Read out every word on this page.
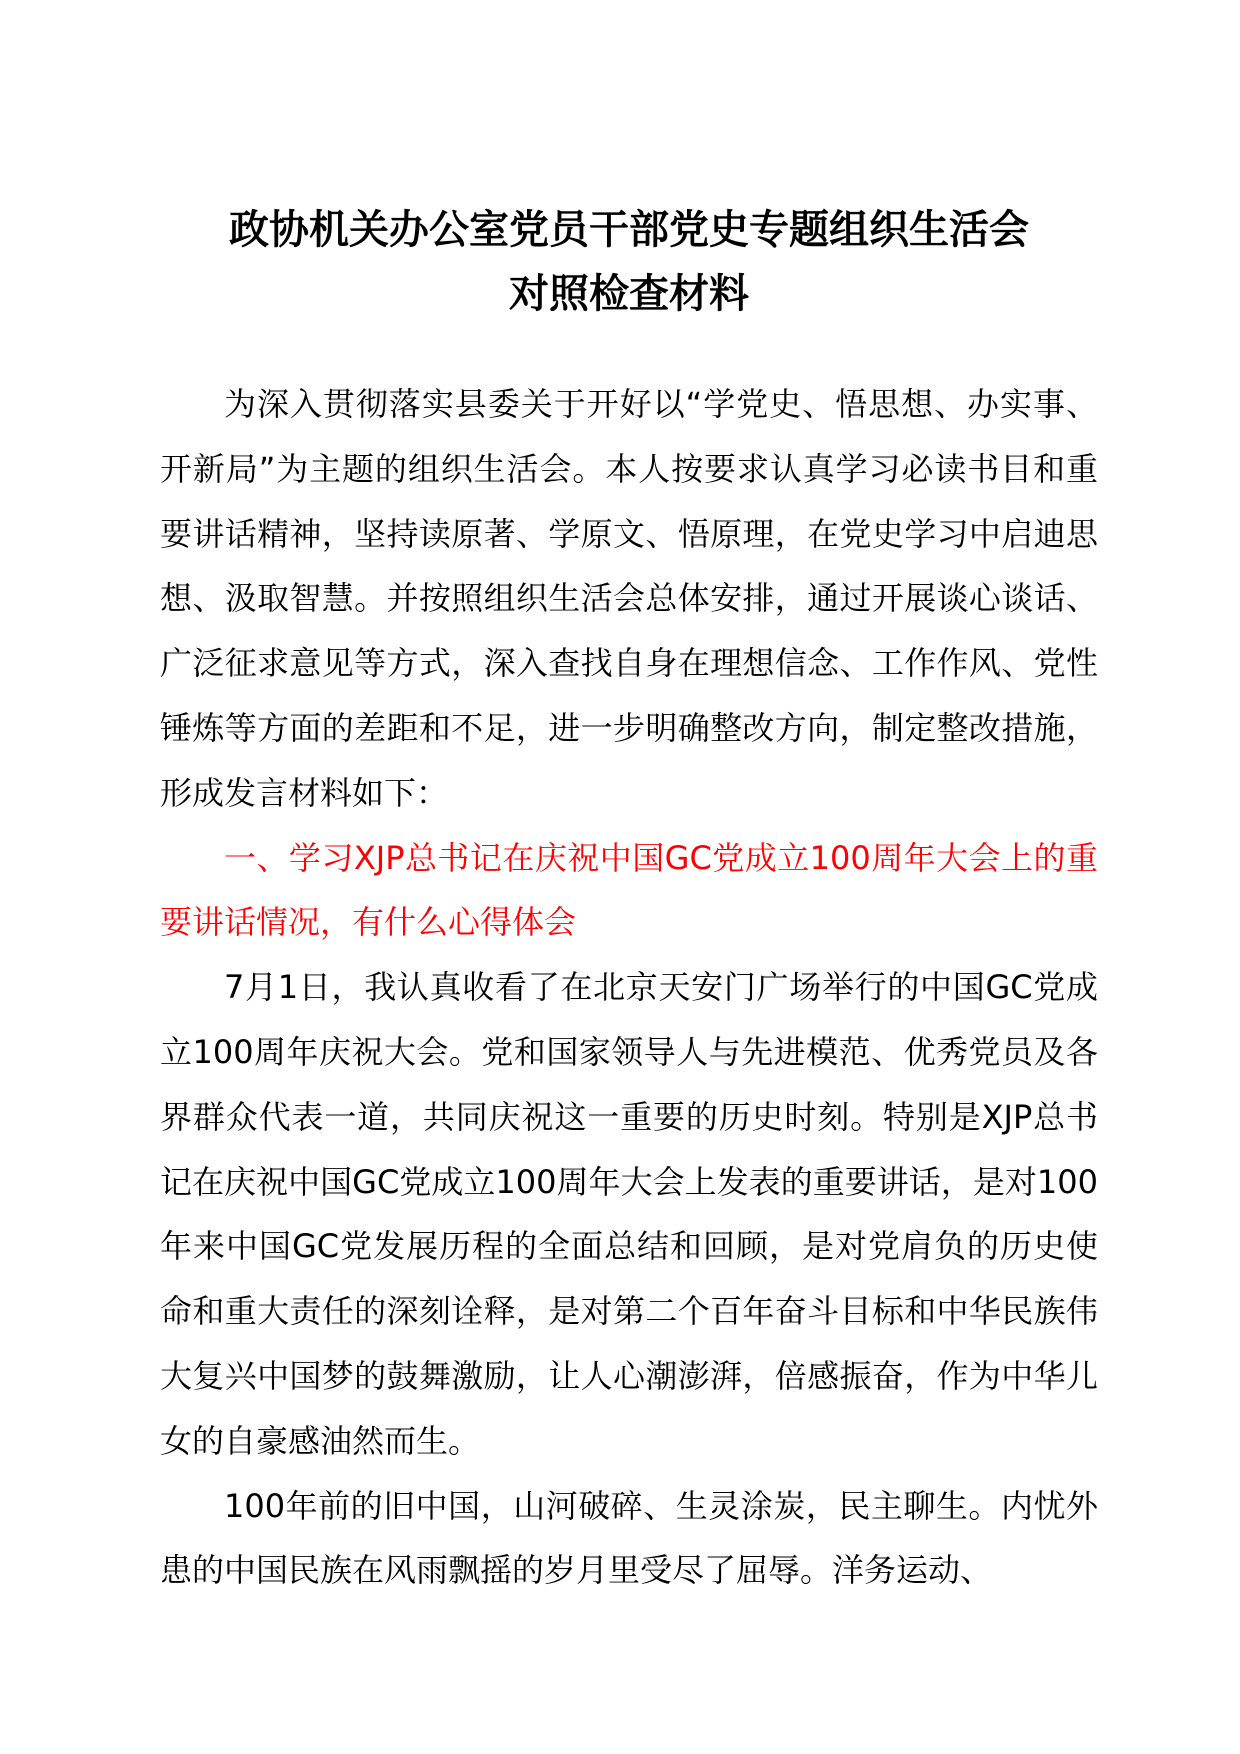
政协机关办公室党员干部党史专题组织生活会
对照检查材料

为深入贯彻落实县委关于开好以“学党史、悟思想、办实事、开新局”为主题的组织生活会。本人按要求认真学习必读书目和重要讲话精神，坚持读原著、学原文、悟原理，在党史学习中启迪思想、汲取智慧。并按照组织生活会总体安排，通过开展谈心谈话、广泛征求意见等方式，深入查找自身在理想信念、工作作风、党性锤炼等方面的差距和不足，进一步明确整改方向，制定整改措施，形成发言材料如下：

一、学习XJP总书记在庆祝中国GC党成立100周年大会上的重要讲话情况，有什么心得体会

7月1日，我认真收看了在北京天安门广场举行的中国GC党成立100周年庆祝大会。党和国家领导人与先进模范、优秀党员及各界群众代表一道，共同庆祝这一重要的历史时刻。特别是XJP总书记在庆祝中国GC党成立100周年大会上发表的重要讲话，是对100年来中国GC党发展历程的全面总结和回顾，是对党肩负的历史使命和重大责任的深刻诠释，是对第二个百年奋斗目标和中华民族伟大复兴中国梦的鼓舞激励，让人心潮澎湃，倍感振奋，作为中华儿女的自豪感油然而生。

100年前的旧中国，山河破碎、生灵涂炭，民主聊生。内忧外患的中国民族在风雨飘摇的岁月里受尽了屈辱。洋务运动、
